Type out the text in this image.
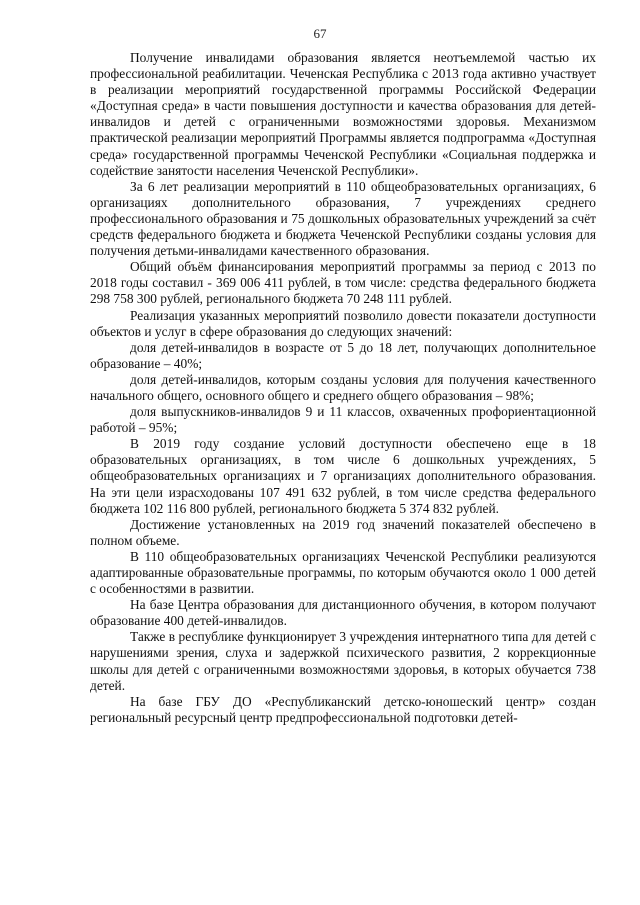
67

Получение инвалидами образования является неотъемлемой частью их профессиональной реабилитации. Чеченская Республика с 2013 года активно участвует в реализации мероприятий государственной программы Российской Федерации «Доступная среда» в части повышения доступности и качества образования для детей-инвалидов и детей с ограниченными возможностями здоровья. Механизмом практической реализации мероприятий Программы является подпрограмма «Доступная среда» государственной программы Чеченской Республики «Социальная поддержка и содействие занятости населения Чеченской Республики».

За 6 лет реализации мероприятий в 110 общеобразовательных организациях, 6 организациях дополнительного образования, 7 учреждениях среднего профессионального образования и 75 дошкольных образовательных учреждений за счёт средств федерального бюджета и бюджета Чеченской Республики созданы условия для получения детьми-инвалидами качественного образования.

Общий объём финансирования мероприятий программы за период с 2013 по 2018 годы составил - 369 006 411 рублей, в том числе: средства федерального бюджета 298 758 300 рублей, регионального бюджета 70 248 111 рублей.

Реализация указанных мероприятий позволило довести показатели доступности объектов и услуг в сфере образования до следующих значений:

доля детей-инвалидов в возрасте от 5 до 18 лет, получающих дополнительное образование – 40%;

доля детей-инвалидов, которым созданы условия для получения качественного начального общего, основного общего и среднего общего образования – 98%;

доля выпускников-инвалидов 9 и 11 классов, охваченных профориентационной работой – 95%;

В 2019 году создание условий доступности обеспечено еще в 18 образовательных организациях, в том числе 6 дошкольных учреждениях, 5 общеобразовательных организациях и 7 организациях дополнительного образования. На эти цели израсходованы 107 491 632 рублей, в том числе средства федерального бюджета 102 116 800 рублей, регионального бюджета 5 374 832 рублей.

Достижение установленных на 2019 год значений показателей обеспечено в полном объеме.

В 110 общеобразовательных организациях Чеченской Республики реализуются адаптированные образовательные программы, по которым обучаются около 1 000 детей с особенностями в развитии.

На базе Центра образования для дистанционного обучения, в котором получают образование 400 детей-инвалидов.

Также в республике функционирует 3 учреждения интернатного типа для детей с нарушениями зрения, слуха и задержкой психического развития, 2 коррекционные школы для детей с ограниченными возможностями здоровья, в которых обучается 738 детей.

На базе ГБУ ДО «Республиканский детско-юношеский центр» создан региональный ресурсный центр предпрофессиональной подготовки детей-
